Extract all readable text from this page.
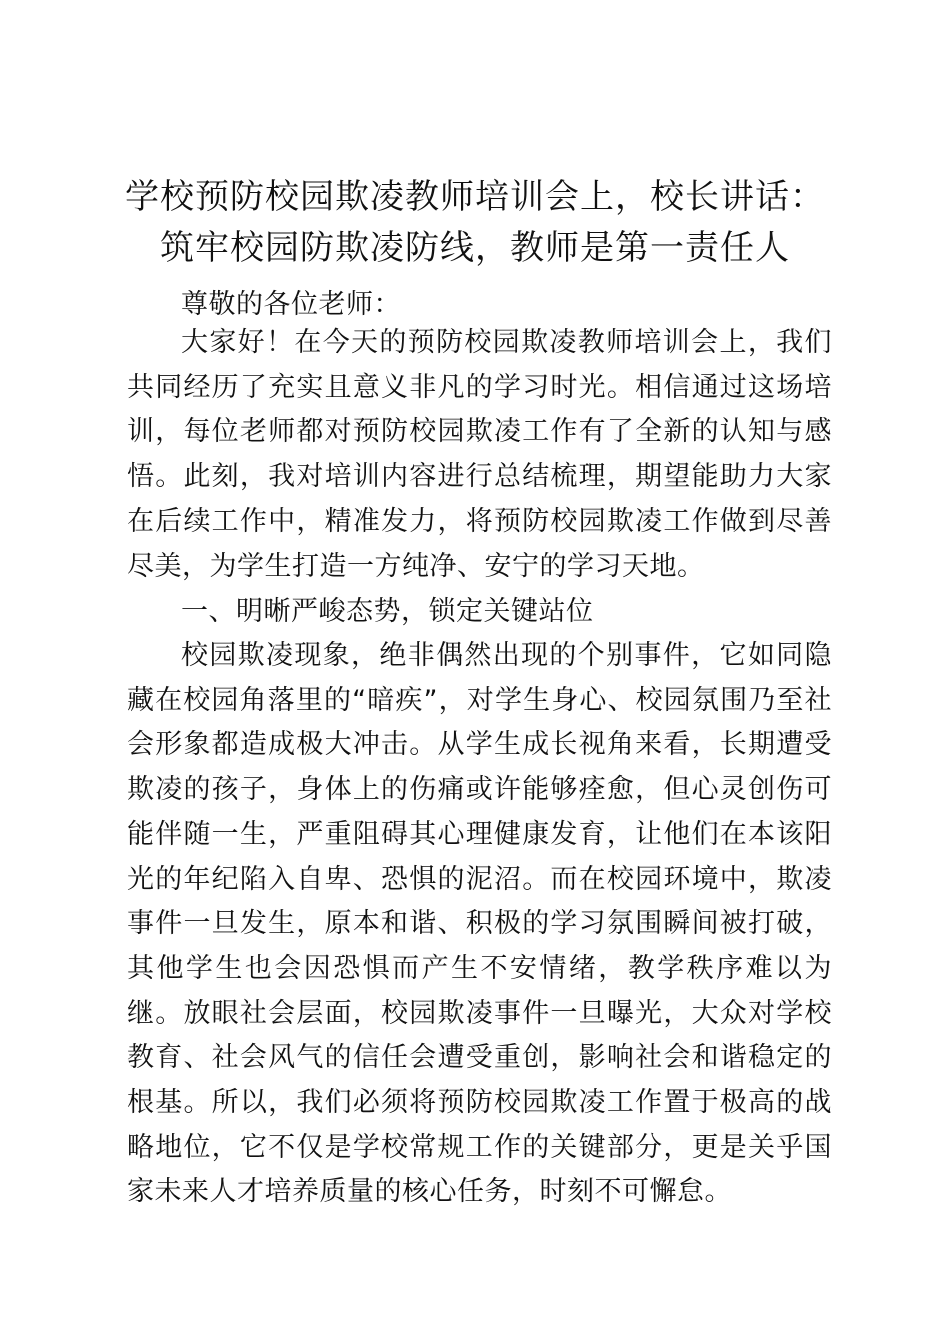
学校预防校园欺凌教师培训会上，校长讲话：
筑牢校园防欺凌防线，教师是第一责任人
尊敬的各位老师：
大家好！在今天的预防校园欺凌教师培训会上，我们共同经历了充实且意义非凡的学习时光。相信通过这场培训，每位老师都对预防校园欺凌工作有了全新的认知与感悟。此刻，我对培训内容进行总结梳理，期望能助力大家在后续工作中，精准发力，将预防校园欺凌工作做到尽善尽美，为学生打造一方纯净、安宁的学习天地。
一、明晰严峻态势，锁定关键站位
校园欺凌现象，绝非偶然出现的个别事件，它如同隐藏在校园角落里的“暗疾”，对学生身心、校园氛围乃至社会形象都造成极大冲击。从学生成长视角来看，长期遭受欺凌的孩子，身体上的伤痛或许能够痊愈，但心灵创伤可能伴随一生，严重阻碍其心理健康发育，让他们在本该阳光的年纪陷入自卑、恐惧的泥沼。而在校园环境中，欺凌事件一旦发生，原本和谐、积极的学习氛围瞬间被打破，其他学生也会因恐惧而产生不安情绪，教学秩序难以为继。放眼社会层面，校园欺凌事件一旦曝光，大众对学校教育、社会风气的信任会遭受重创，影响社会和谐稳定的根基。所以，我们必须将预防校园欺凌工作置于极高的战略地位，它不仅是学校常规工作的关键部分，更是关乎国家未来人才培养质量的核心任务，时刻不可懈怠。
